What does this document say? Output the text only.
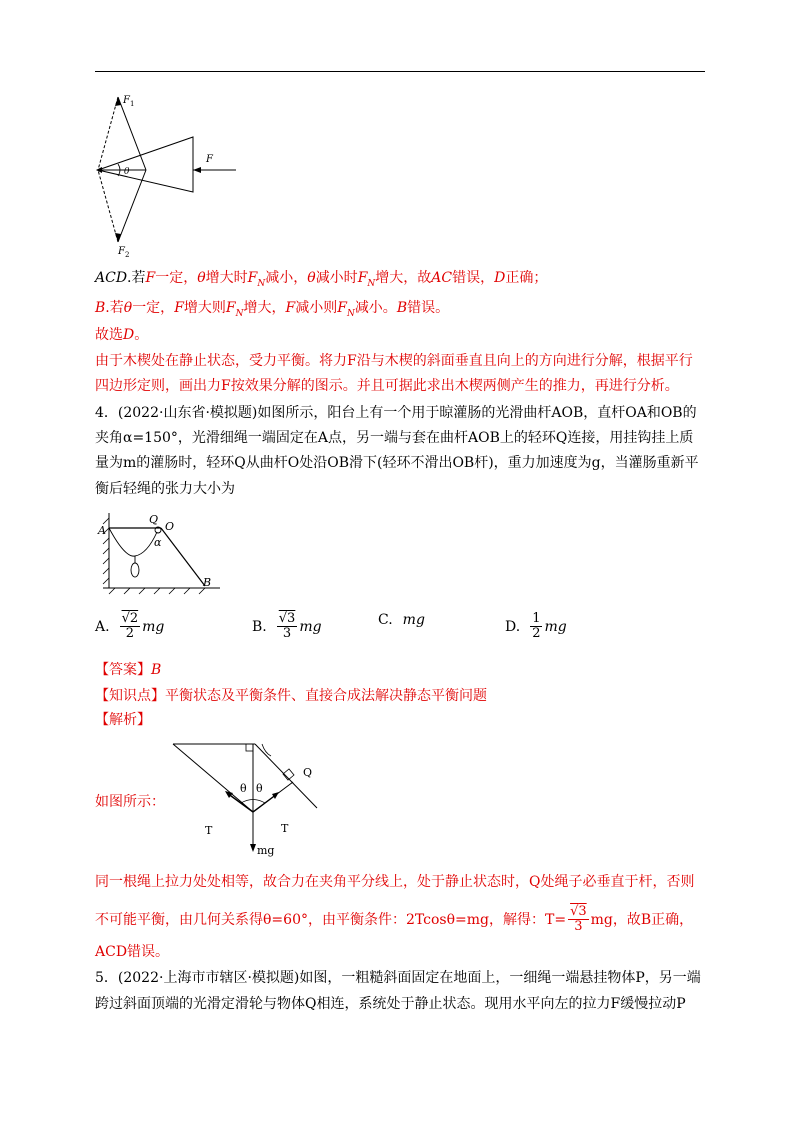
F 1
F 2
F
θ
ACD.若F一定，θ增大时$F_N$减小，θ减小时$F_N$增大，故AC错误，D正确；
B.若θ一定，F增大则$F_N$增大，F减小则$F_N$减小。B错误。
故选D。
由于木楔处在静止状态，受力平衡。将力F沿与木楔的斜面垂直且向上的方向进行分解，根据平行
四边形定则，画出力F按效果分解的图示。并且可据此求出木楔两侧产生的推力，再进行分析。
4．(2022·山东省·模拟题)如图所示，阳台上有一个用于晾灌肠的光滑曲杆AOB，直杆OA和OB的
夹角α=150°，光滑细绳一端固定在A点，另一端与套在曲杆AOB上的轻环Q连接，用挂钩挂上质
量为m的灌肠时，轻环Q从曲杆O处沿OB滑下(轻环不滑出OB杆)，重力加速度为g，当灌肠重新平
衡后轻绳的张力大小为
A
Q
O
α
B
A. √ $\frac{2}{2}$ mg	B. √ $\frac{3}{3}$ mg	C. mg	D. $\frac{1}{2}$ mg
【答案】B
【知识点】平衡状态及平衡条件、直接合成法解决静态平衡问题
【解析】
如图所示：
θ θ
T	T
Q
mg
同一根绳上拉力处处相等，故合力在夹角平分线上，处于静止状态时，Q处绳子必垂直于杆，否则
不可能平衡，由几何关系得θ=60°，由平衡条件：2Tcosθ=mg，解得：T= √ $\frac{3}{3}$ mg，故B正确，
ACD错误。
5．(2022·上海市市辖区·模拟题)如图，一粗糙斜面固定在地面上，一细绳一端悬挂物体P，另一端
跨过斜面顶端的光滑定滑轮与物体Q相连，系统处于静止状态。现用水平向左的拉力F缓慢拉动P
